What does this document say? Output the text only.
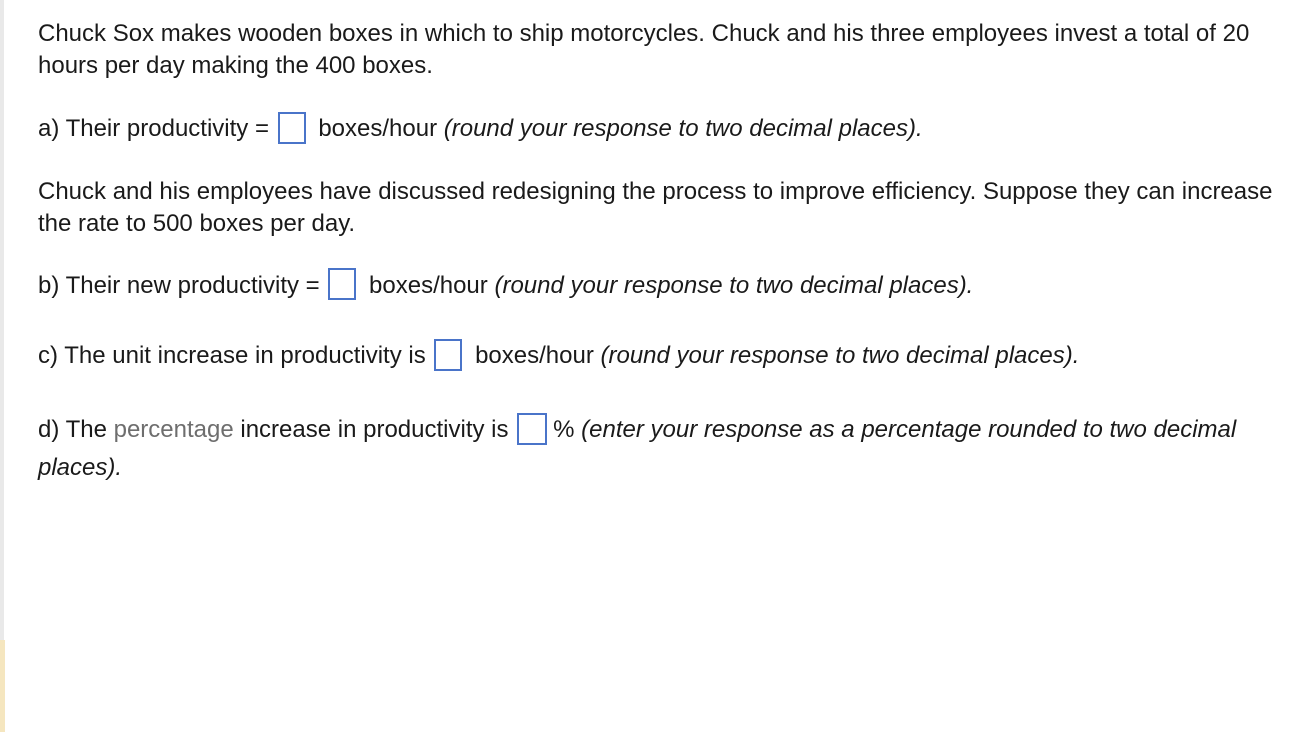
Chuck Sox makes wooden boxes in which to ship motorcycles. Chuck and his three employees invest a total of 20 hours per day making the 400 boxes.

a) Their productivity =  boxes/hour (round your response to two decimal places).

Chuck and his employees have discussed redesigning the process to improve efficiency. Suppose they can increase the rate to 500 boxes per day.

b) Their new productivity =  boxes/hour (round your response to two decimal places).

c) The unit increase in productivity is  boxes/hour (round your response to two decimal places).

d) The percentage increase in productivity is % (enter your response as a percentage rounded to two decimal places).
